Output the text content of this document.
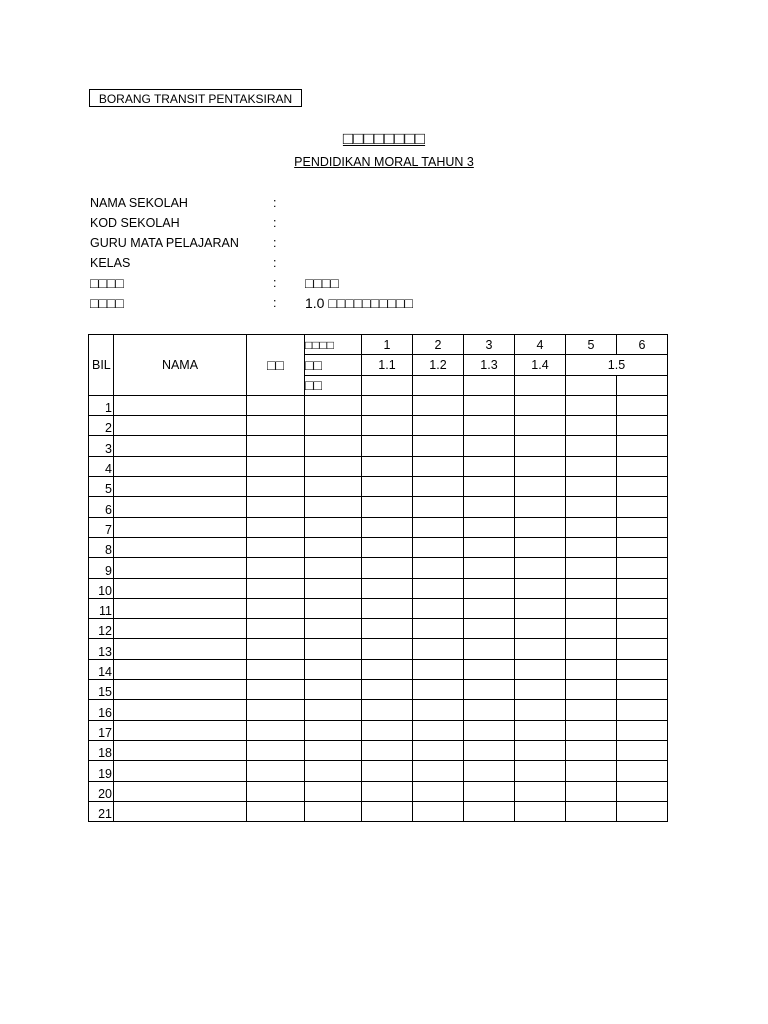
BORANG TRANSIT PENTAKSIRAN
□□□□□□□□
PENDIDIKAN MORAL TAHUN 3
NAMA SEKOLAH	:
KOD SEKOLAH	:
GURU MATA PELAJARAN	:
KELAS	:
□□□□	: □□□□
□□□□	: 1.0 □□□□□□□□□□
BIL	NAMA	□□	□□□□	1	2	3	4	5	6
			□□	1.1	1.2	1.3	1.4	1.5	
			□□						
1									
2									
3									
4									
5									
6									
7									
8									
9									
10									
11									
12									
13									
14									
15									
16									
17									
18									
19									
20									
21									
